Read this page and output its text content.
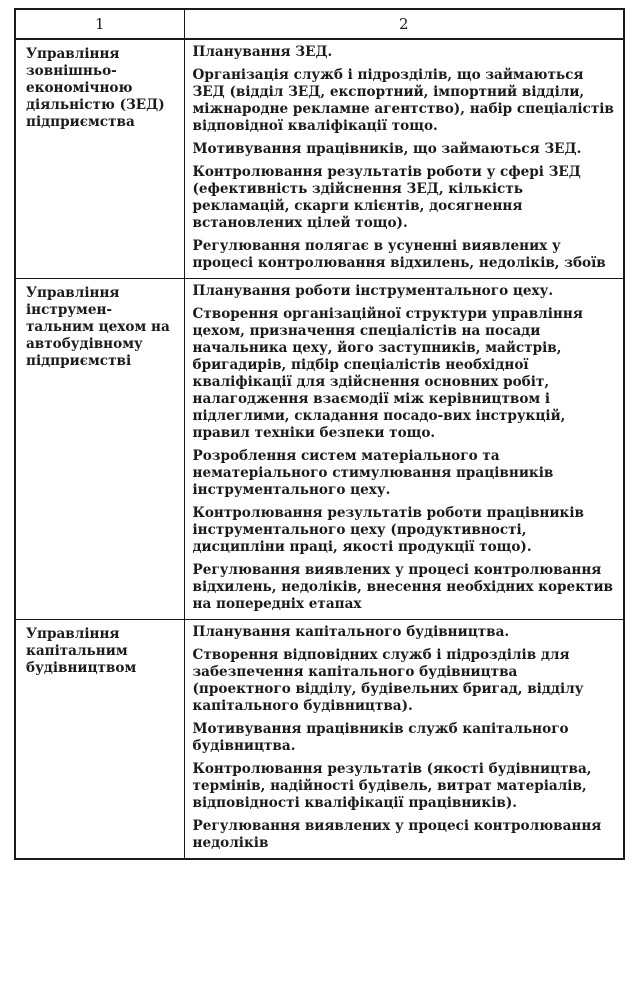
1	2
Управління зовнішньо-економічною діяльністю (ЗЕД) підприємства	Планування ЗЕД.

Організація служб і підрозділів, що займаються ЗЕД (відділ ЗЕД, експортний, імпортний відділи, міжнародне рекламне агентство), набір спеціалістів відповідної кваліфікації тощо.

Мотивування працівників, що займаються ЗЕД.

Контролювання результатів роботи у сфері ЗЕД (ефективність здійснення ЗЕД, кількість рекламацій, скарги клієнтів, досягнення встановлених цілей тощо).

Регулювання полягає в усуненні виявлених у процесі контролювання відхилень, недоліків, збоїв

Управління інструмен-тальним цехом на автобудівному підприємстві	Планування роботи інструментального цеху.

Створення організаційної структури управління цехом, призначення спеціалістів на посади начальника цеху, його заступників, майстрів, бригадирів, підбір спеціалістів необхідної кваліфікації для здійснення основних робіт, налагодження взаємодії між керівництвом і підлеглими, складання посадо-вих інструкцій, правил техніки безпеки тощо.

Розроблення систем матеріального та нематеріального стимулювання працівників інструментального цеху.

Контролювання результатів роботи працівників інструментального цеху (продуктивності, дисципліни праці, якості продукції тощо).

Регулювання виявлених у процесі контролювання відхилень, недоліків, внесення необхідних коректив на попередніх етапах

Управління капітальним будівництвом	Планування капітального будівництва.

Створення відповідних служб і підрозділів для забезпечення капітального будівництва (проектного відділу, будівельних бригад, відділу капітального будівництва).

Мотивування працівників служб капітального будівництва.

Контролювання результатів (якості будівництва, термінів, надійності будівель, витрат матеріалів, відповідності кваліфікації працівників).

Регулювання виявлених у процесі контролювання недоліків
